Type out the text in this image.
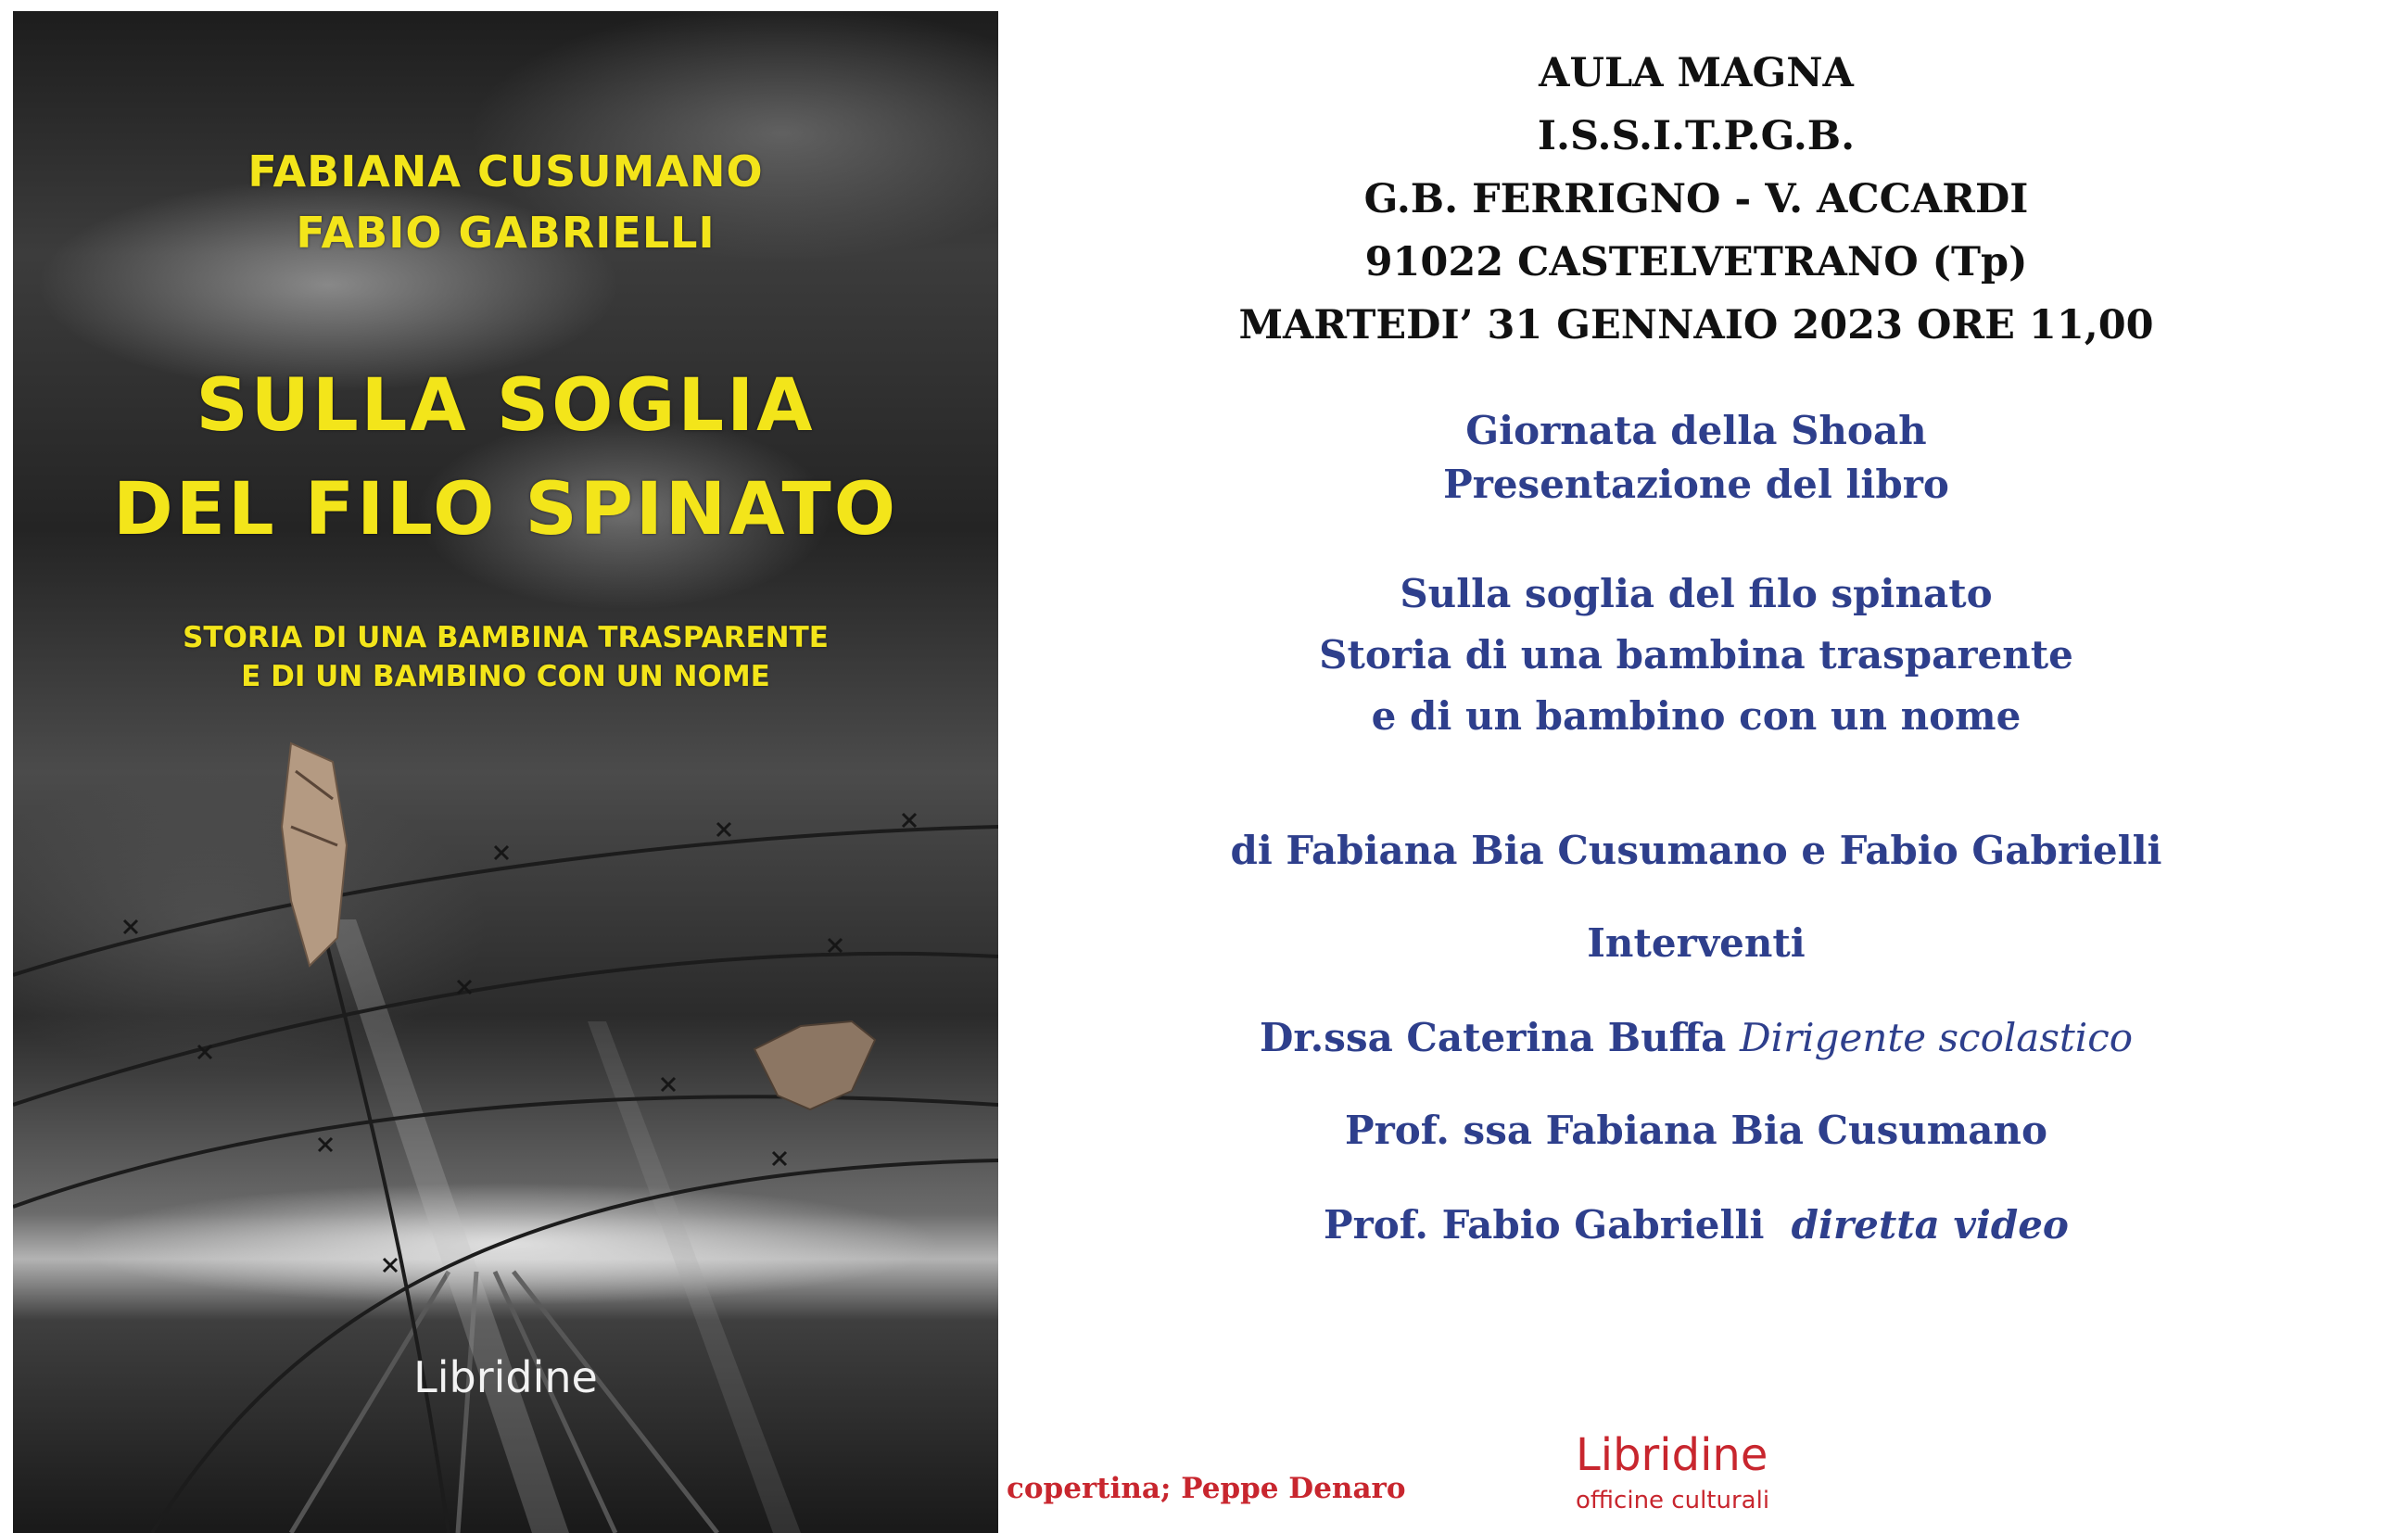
FABIANA CUSUMANO
FABIO GABRIELLI

SULLA SOGLIA
DEL FILO SPINATO

STORIA DI UNA BAMBINA TRASPARENTE
E DI UN BAMBINO CON UN NOME

Libridine

AULA MAGNA

I.S.S.I.T.P.G.B.

G.B. FERRIGNO - V. ACCARDI

91022 CASTELVETRANO (Tp)

MARTEDI’ 31 GENNAIO 2023 ORE 11,00

Giornata della Shoah

Presentazione del libro

Sulla soglia del filo spinato

Storia di una bambina trasparente

e di un bambino con un nome

di Fabiana Bia Cusumano e Fabio Gabrielli

Interventi

Dr.ssa Caterina Buffa Dirigente scolastico

Prof. ssa Fabiana Bia Cusumano

Prof. Fabio Gabrielli diretta video

copertina; Peppe Denaro
Libridine
officine culturali
